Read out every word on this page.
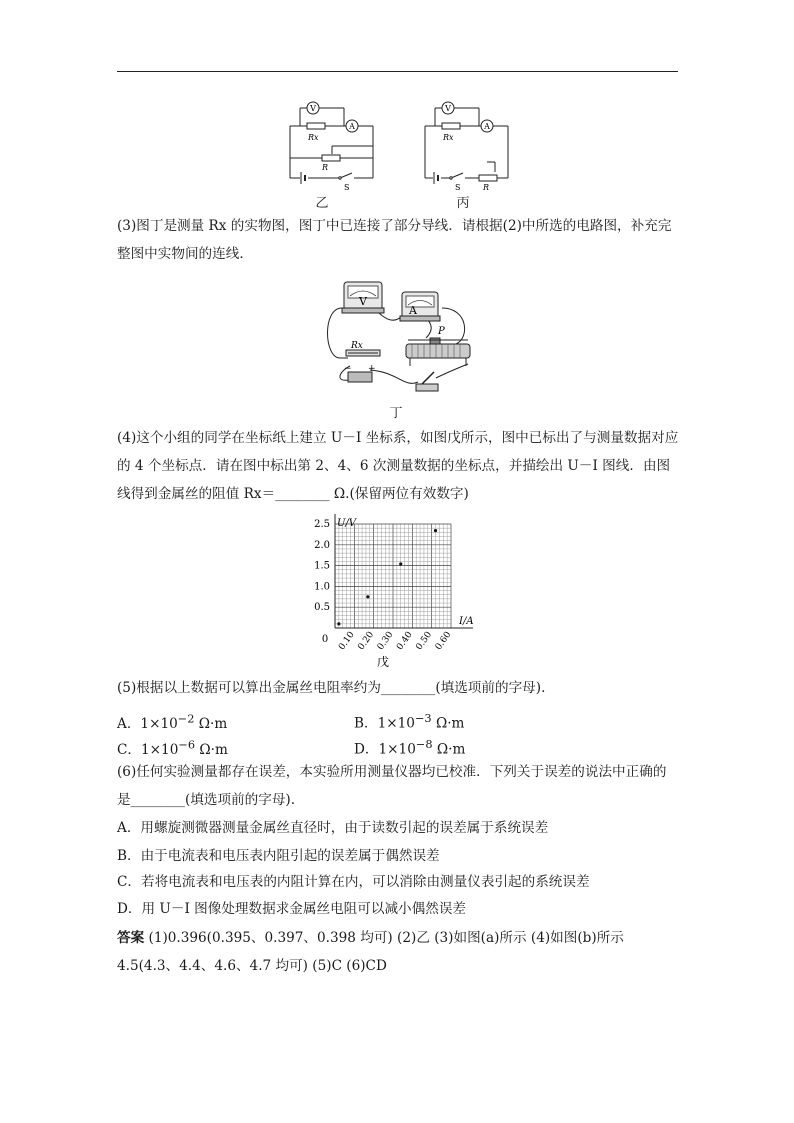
V
A
Rx
R
S
乙
V
A
Rx
S	R
丙
(3)图丁是测量 Rx 的实物图，图丁中已连接了部分导线．请根据(2)中所选的电路图，补充完整图中实物间的连线．
V
A
Rx
P
− +
丁
(4)这个小组的同学在坐标纸上建立 U－I 坐标系，如图戊所示，图中已标出了与测量数据对应的 4 个坐标点．请在图中标出第 2、4、6 次测量数据的坐标点，并描绘出 U－I 图线．由图线得到金属丝的阻值 Rx＝________ Ω.(保留两位有效数字)
0.5
1.0
1.5
2.0
2.5
0.10 0.20 0.30 0.40 0.50 0.60
0
U/V
I/A
戊
(5)根据以上数据可以算出金属丝电阻率约为________(填选项前的字母).
A．$1\times 10^{-2}$ Ω·m	B．$1\times 10^{-3}$ Ω·m
C．$1\times 10^{-6}$ Ω·m	D．$1\times 10^{-8}$ Ω·m
(6)任何实验测量都存在误差，本实验所用测量仪器均已校准．下列关于误差的说法中正确的是________(填选项前的字母).
A．用螺旋测微器测量金属丝直径时，由于读数引起的误差属于系统误差
B．由于电流表和电压表内阻引起的误差属于偶然误差
C．若将电流表和电压表的内阻计算在内，可以消除由测量仪表引起的系统误差
D．用 U－I 图像处理数据求金属丝电阻可以减小偶然误差
答案 (1)0.396(0.395、0.397、0.398 均可) (2)乙 (3)如图(a)所示 (4)如图(b)所示 4.5(4.3、4.4、4.6、4.7 均可) (5)C (6)CD
